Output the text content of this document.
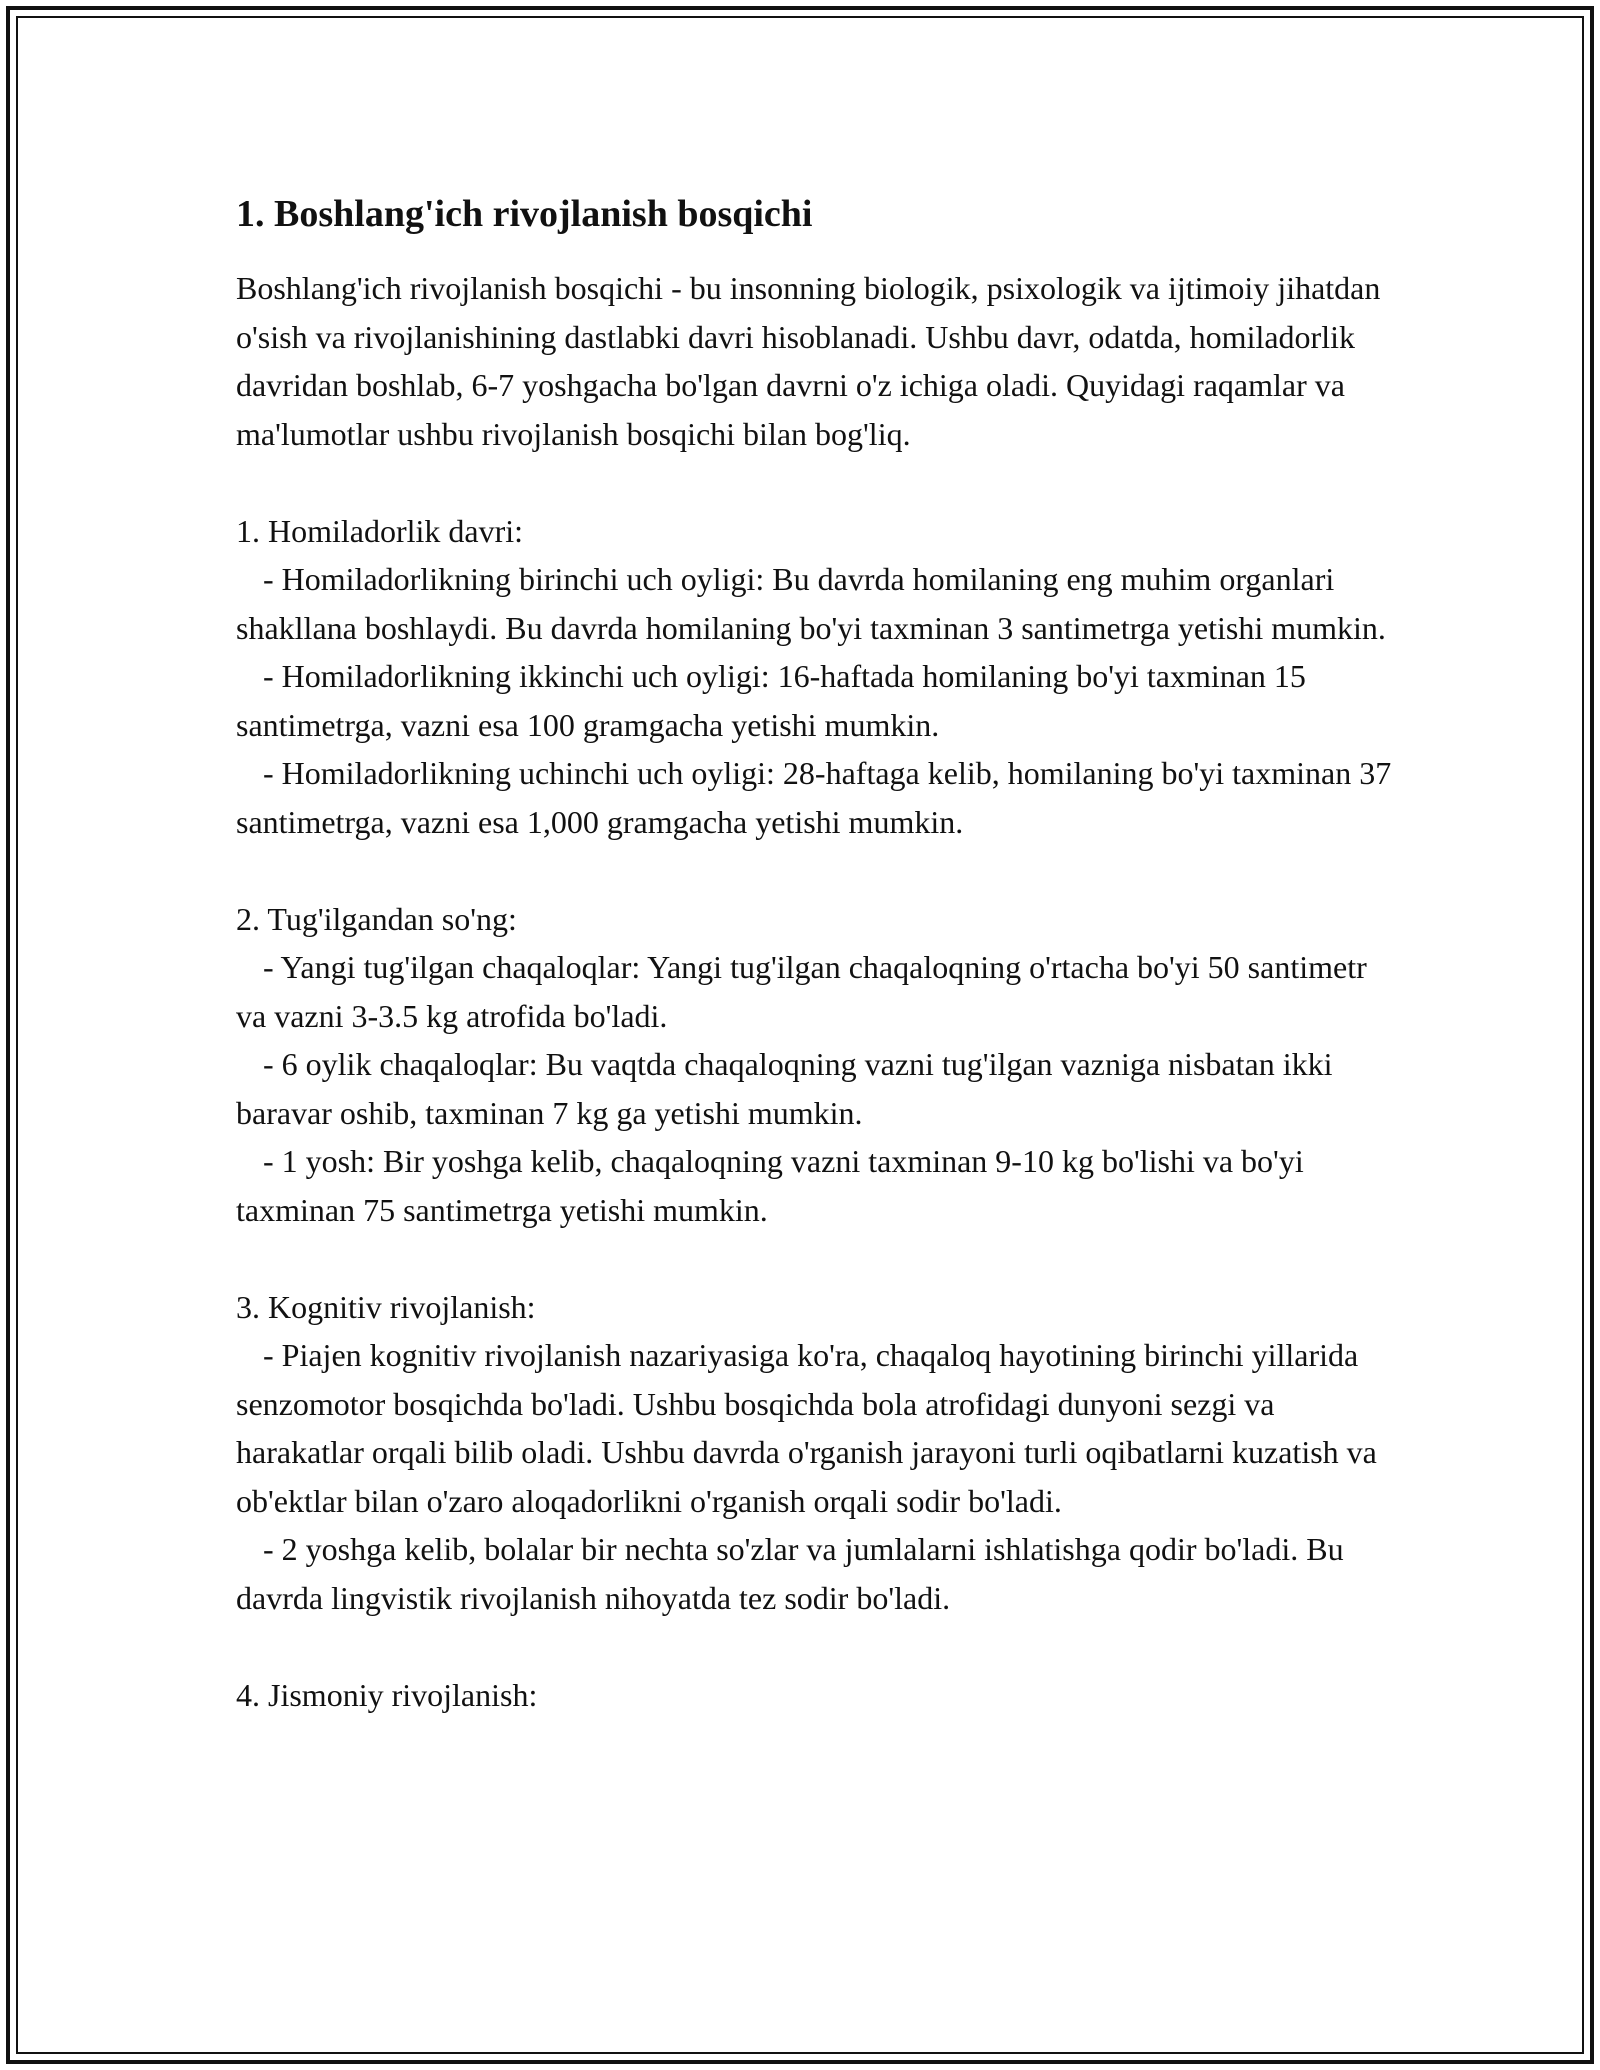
1. Boshlang'ich rivojlanish bosqichi

Boshlang'ich rivojlanish bosqichi - bu insonning biologik, psixologik va ijtimoiy jihatdan o'sish va rivojlanishining dastlabki davri hisoblanadi. Ushbu davr, odatda, homiladorlik davridan boshlab, 6-7 yoshgacha bo'lgan davrni o'z ichiga oladi. Quyidagi raqamlar va ma'lumotlar ushbu rivojlanish bosqichi bilan bog'liq.

1. Homiladorlik davri:

- Homiladorlikning birinchi uch oyligi: Bu davrda homilaning eng muhim organlari shakllana boshlaydi. Bu davrda homilaning bo'yi taxminan 3 santimetrga yetishi mumkin.

- Homiladorlikning ikkinchi uch oyligi: 16-haftada homilaning bo'yi taxminan 15 santimetrga, vazni esa 100 gramgacha yetishi mumkin.

- Homiladorlikning uchinchi uch oyligi: 28-haftaga kelib, homilaning bo'yi taxminan 37 santimetrga, vazni esa 1,000 gramgacha yetishi mumkin.

2. Tug'ilgandan so'ng:

- Yangi tug'ilgan chaqaloqlar: Yangi tug'ilgan chaqaloqning o'rtacha bo'yi 50 santimetr va vazni 3-3.5 kg atrofida bo'ladi.

- 6 oylik chaqaloqlar: Bu vaqtda chaqaloqning vazni tug'ilgan vazniga nisbatan ikki baravar oshib, taxminan 7 kg ga yetishi mumkin.

- 1 yosh: Bir yoshga kelib, chaqaloqning vazni taxminan 9-10 kg bo'lishi va bo'yi taxminan 75 santimetrga yetishi mumkin.

3. Kognitiv rivojlanish:

- Piajen kognitiv rivojlanish nazariyasiga ko'ra, chaqaloq hayotining birinchi yillarida senzomotor bosqichda bo'ladi. Ushbu bosqichda bola atrofidagi dunyoni sezgi va harakatlar orqali bilib oladi. Ushbu davrda o'rganish jarayoni turli oqibatlarni kuzatish va ob'ektlar bilan o'zaro aloqadorlikni o'rganish orqali sodir bo'ladi.

- 2 yoshga kelib, bolalar bir nechta so'zlar va jumlalarni ishlatishga qodir bo'ladi. Bu davrda lingvistik rivojlanish nihoyatda tez sodir bo'ladi.

4. Jismoniy rivojlanish:
